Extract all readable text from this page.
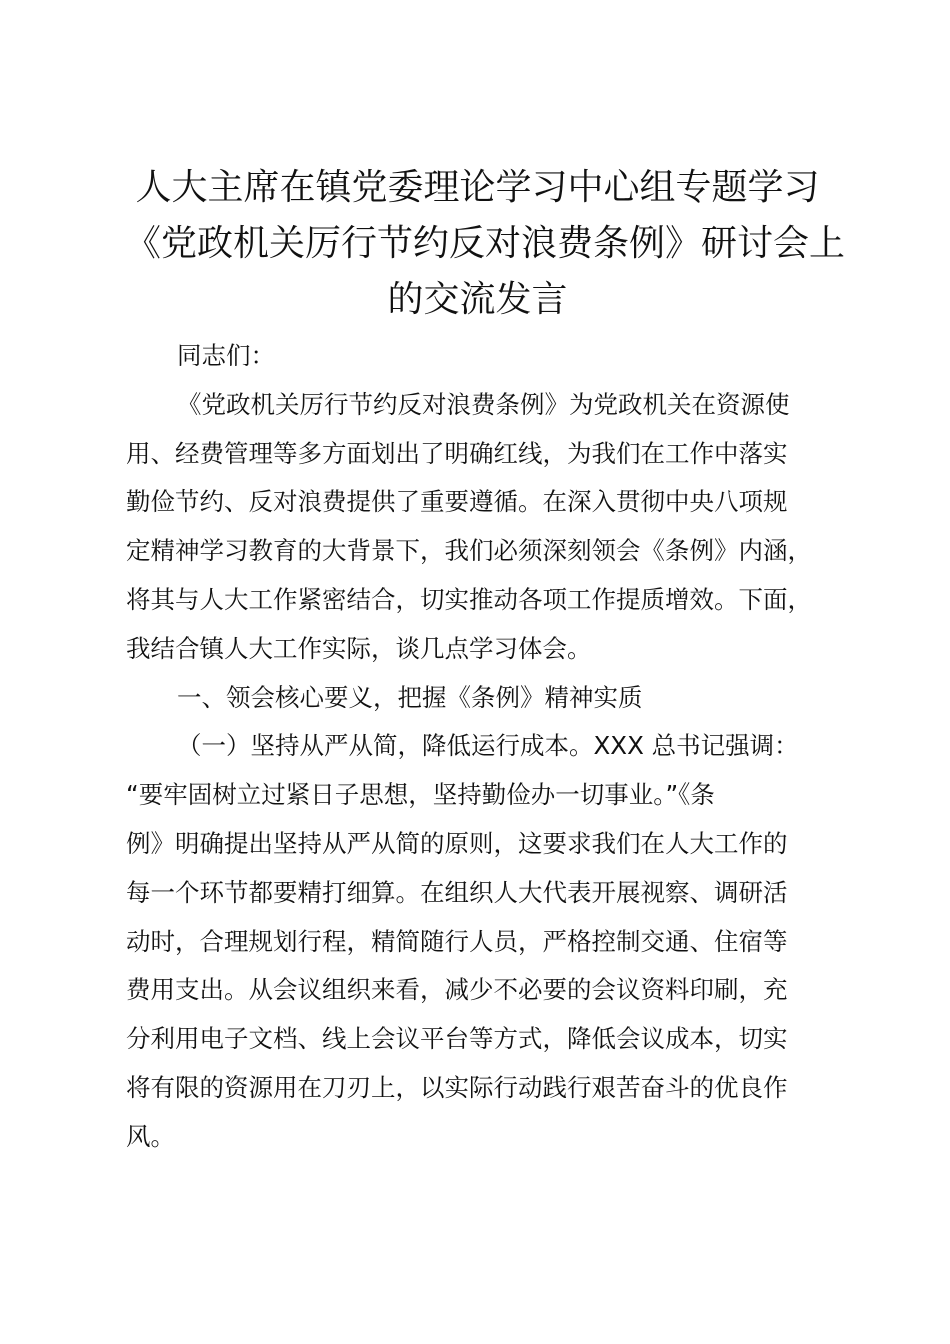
人大主席在镇党委理论学习中心组专题学习
《党政机关厉行节约反对浪费条例》研讨会上
的交流发言
同志们：
《党政机关厉行节约反对浪费条例》为党政机关在资源使
用、经费管理等多方面划出了明确红线，为我们在工作中落实
勤俭节约、反对浪费提供了重要遵循。在深入贯彻中央八项规
定精神学习教育的大背景下，我们必须深刻领会《条例》内涵，
将其与人大工作紧密结合，切实推动各项工作提质增效。下面，
我结合镇人大工作实际，谈几点学习体会。
一、领会核心要义，把握《条例》精神实质
（一）坚持从严从简，降低运行成本。XXX 总书记强调：
“要牢固树立过紧日子思想，坚持勤俭办一切事业。”《条
例》明确提出坚持从严从简的原则，这要求我们在人大工作的
每一个环节都要精打细算。在组织人大代表开展视察、调研活
动时，合理规划行程，精简随行人员，严格控制交通、住宿等
费用支出。从会议组织来看，减少不必要的会议资料印刷，充
分利用电子文档、线上会议平台等方式，降低会议成本，切实
将有限的资源用在刀刃上，以实际行动践行艰苦奋斗的优良作
风。
